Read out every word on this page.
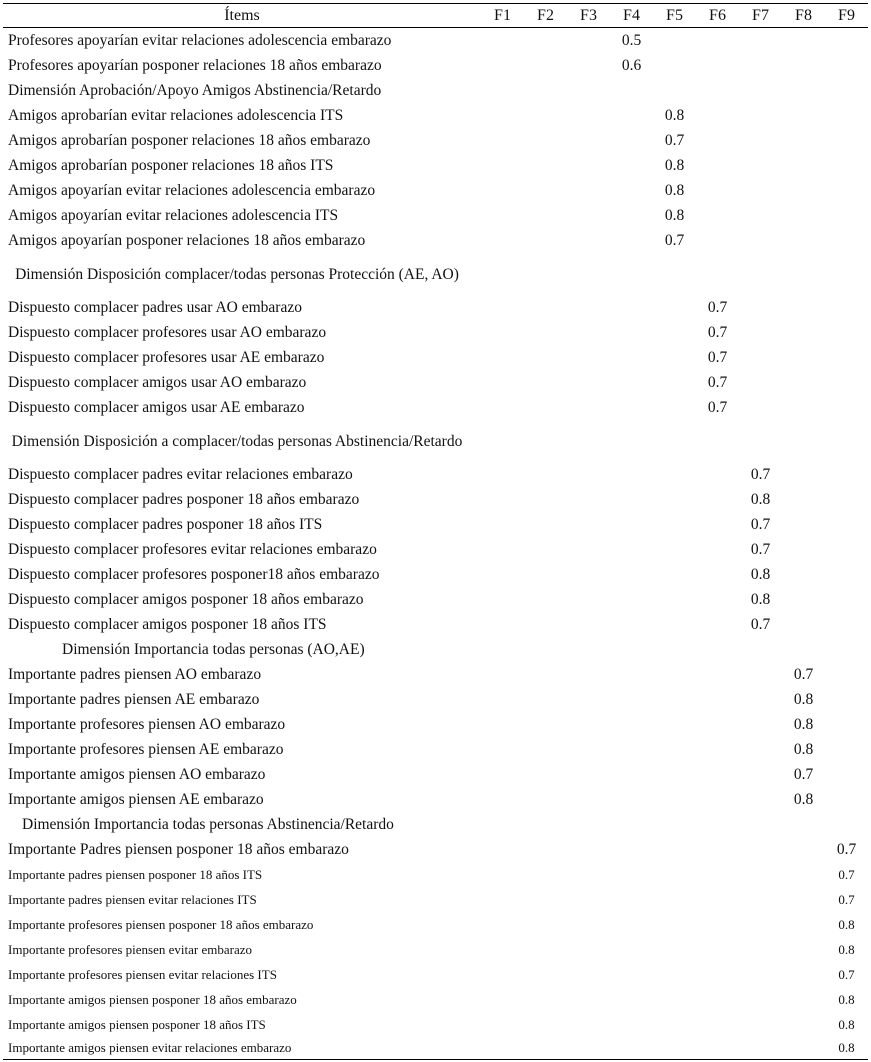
Ítems	F1	F2	F3	F4	F5	F6	F7	F8	F9
Profesores apoyarían evitar relaciones adolescencia embarazo				0.5					
Profesores apoyarían posponer relaciones 18 años embarazo				0.6					
Dimensión Aprobación/Apoyo Amigos Abstinencia/Retardo									
Amigos aprobarían evitar relaciones adolescencia ITS					0.8				
Amigos aprobarían posponer relaciones 18 años embarazo					0.7				
Amigos aprobarían posponer relaciones 18 años ITS					0.8				
Amigos apoyarían evitar relaciones adolescencia embarazo					0.8				
Amigos apoyarían evitar relaciones adolescencia ITS					0.8				
Amigos apoyarían posponer relaciones 18 años embarazo					0.7				
Dimensión Disposición complacer/todas personas Protección (AE, AO)									
Dispuesto complacer padres usar AO embarazo						0.7			
Dispuesto complacer profesores usar AO embarazo						0.7			
Dispuesto complacer profesores usar AE embarazo						0.7			
Dispuesto complacer amigos usar AO embarazo						0.7			
Dispuesto complacer amigos usar AE embarazo						0.7			
Dimensión Disposición a complacer/todas personas Abstinencia/Retardo									
Dispuesto complacer padres evitar relaciones embarazo							0.7		
Dispuesto complacer padres posponer 18 años embarazo							0.8		
Dispuesto complacer padres posponer 18 años ITS							0.7		
Dispuesto complacer profesores evitar relaciones embarazo							0.7		
Dispuesto complacer profesores posponer18 años embarazo							0.8		
Dispuesto complacer amigos posponer 18 años embarazo							0.8		
Dispuesto complacer amigos posponer 18 años ITS							0.7		
Dimensión Importancia todas personas (AO,AE)									
Importante padres piensen AO embarazo								0.7	
Importante padres piensen AE embarazo								0.8	
Importante profesores piensen AO embarazo								0.8	
Importante profesores piensen AE embarazo								0.8	
Importante amigos piensen AO embarazo								0.7	
Importante amigos piensen AE embarazo								0.8	
Dimensión Importancia todas personas Abstinencia/Retardo									
Importante Padres piensen posponer 18 años embarazo									0.7
Importante padres piensen posponer 18 años ITS									0.7
Importante padres piensen evitar relaciones ITS									0.7
Importante profesores piensen posponer 18 años embarazo									0.8
Importante profesores piensen evitar embarazo									0.8
Importante profesores piensen evitar relaciones ITS									0.7
Importante amigos piensen posponer 18 años embarazo									0.8
Importante amigos piensen posponer 18 años ITS									0.8
Importante amigos piensen evitar relaciones embarazo									0.8
